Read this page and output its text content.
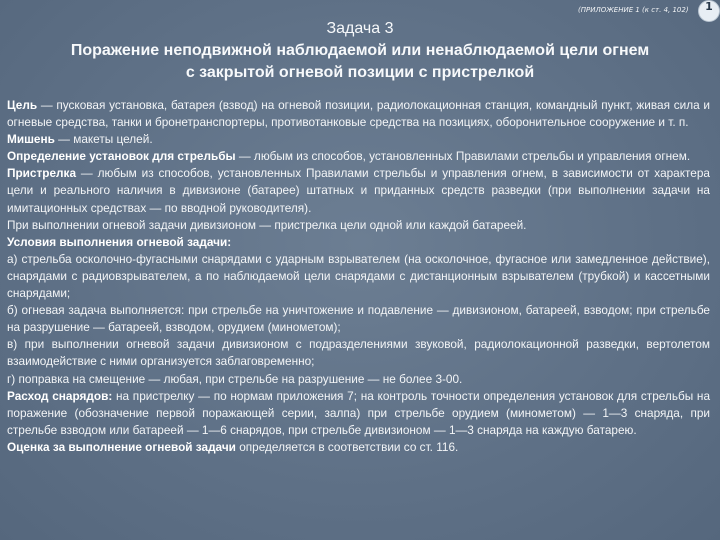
(ПРИЛОЖЕНИЕ 1 (к ст. 4, 102)	1
Задача 3
Поражение неподвижной наблюдаемой или ненаблюдаемой цели огнем
с закрытой огневой позиции с пристрелкой

Цель — пусковая установка, батарея (взвод) на огневой позиции, радиолокационная станция, командный пункт, живая сила и огневые средства, танки и бронетранспортеры, противотанковые средства на позициях, оборонительное сооружение и т. п.

Мишень — макеты целей.

Определение установок для стрельбы — любым из способов, установленных Правилами стрельбы и управления огнем.

Пристрелка — любым из способов, установленных Правилами стрельбы и управления огнем, в зависимости от характера цели и реального наличия в дивизионе (батарее) штатных и приданных средств разведки (при выполнении задачи на имитационных средствах — по вводной руководителя).

При выполнении огневой задачи дивизионом — пристрелка цели одной или каждой батареей.

Условия выполнения огневой задачи:

а) стрельба осколочно-фугасными снарядами с ударным взрывателем (на осколочное, фугасное или замедленное действие), снарядами с радиовзрывателем, а по наблюдаемой цели снарядами с дистанционным взрывателем (трубкой) и кассетными снарядами;

б) огневая задача выполняется: при стрельбе на уничтожение и подавление — дивизионом, батареей, взводом; при стрельбе на разрушение — батареей, взводом, орудием (минометом);

в) при выполнении огневой задачи дивизионом с подразделениями звуковой, радиолокационной разведки, вертолетом взаимодействие с ними организуется заблаговременно;

г) поправка на смещение — любая, при стрельбе на разрушение — не более 3-00.

Расход снарядов: на пристрелку — по нормам приложения 7; на контроль точности определения установок для стрельбы на поражение (обозначение первой поражающей серии, залпа) при стрельбе орудием (минометом) — 1—3 снаряда, при стрельбе взводом или батареей — 1—6 снарядов, при стрельбе дивизионом — 1—3 снаряда на каждую батарею.

Оценка за выполнение огневой задачи определяется в соответствии со ст. 116.
